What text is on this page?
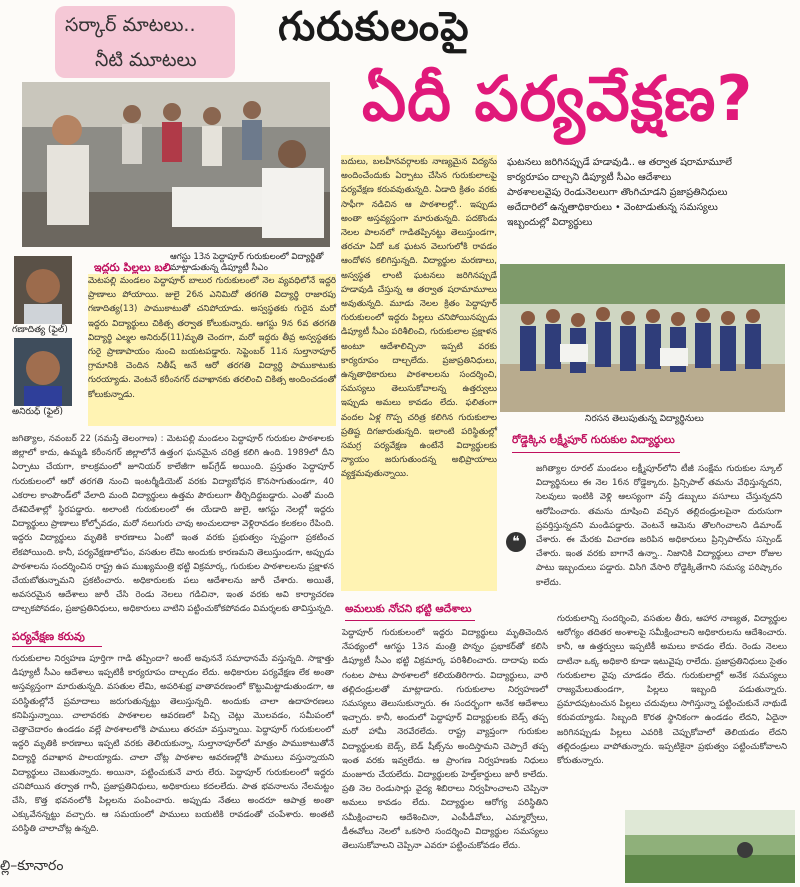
సర్కార్ మాటలు..
నీటి మూటలు
గురుకులంపై
ఏదీ పర్యవేక్షణ?
ఆగస్టు 13న పెద్దాపూర్ గురుకులంలో విద్యార్థితో మాట్లాడుతున్న డిప్యూటీ సీఎం
గణాదిత్య (ఫైల్)
అనిరుధ్ (ఫైల్)
ఇద్దరు పిల్లలు బలి
మెటపల్లి మండలం పెద్దాపూర్ బాలుర గురుకులంలో నెల వ్యవధిలోనే ఇద్దరి ప్రాణాలు పోయాయి. జులై 26న ఎనిమిదో తరగతి విద్యార్థి రాజారపు గణాదిత్య(13) పాముకాటుతో చనిపోయాడు. అస్వస్థతకు గురైన మరో ఇద్దరు విద్యార్థులు చికిత్స తర్వాత కోలుకున్నారు. ఆగస్టు 9న 6వ తరగతి విద్యార్థి ఎల్మల అనిరుధ్(11)మృతి చెందగా, మరో ఇద్దరు తీవ్ర అస్వస్థతకు గురై ప్రాణాపాయం నుంచి బయటపడ్డారు. సెప్టెంబర్ 11న సుల్తానాపూర్ గ్రామానికి చెందిన నితీష్ అనే ఆరో తరగతి విద్యార్థి పాముకాటుకు గురయ్యాడు. వెంటనే కరీంనగర్ దవాఖానకు తరలించి చికిత్స అందించడంతో కోలుకున్నాడు.
బదులు, బలహీనవర్గాలకు నాణ్యమైన విద్యను అందించేందుకు ఏర్పాటు చేసిన గురుకులాలపై పర్యవేక్షణ కరువవుతున్నది. ఏడాది క్రితం వరకు సాఫీగా నడిచిన ఆ పాఠశాలల్లో.. ఇప్పుడు అంతా అస్తవ్యస్తంగా మారుతున్నది. పదకొండు నెలల పాలనలో గాడితప్పినట్టు తెలుస్తుండగా, తరచూ ఏదో ఒక ఘటన వెలుగులోకి రావడం ఆందోళన కలిగిస్తున్నది. విద్యార్థుల మరణాలు, అస్వస్థత లాంటి ఘటనలు జరిగినప్పుడే హడావుడి చేస్తున్న ఆ తర్వాత షరామామూలు అవుతున్నది. మూడు నెలల క్రితం పెద్దాపూర్ గురుకులంలో ఇద్దరు పిల్లలు చనిపోయినప్పుడు డిప్యూటీ సీఎం పరిశీలించి, గురుకులాల ప్రక్షాళన అంటూ ఆదేశాలిచ్చినా ఇప్పటి వరకు కార్యరూపం దాల్చలేదు. ప్రజాప్రతినిధులు, ఉన్నతాధికారులు పాఠశాలలను సందర్శించి, సమస్యలు తెలుసుకోవాలన్న ఉత్తర్వులు ఇప్పుడు అమలు కావడం లేదు. ఫలితంగా వందల ఏళ్ల గొప్ప చరిత్ర కలిగిన గురుకులాల ప్రతిష్ట దిగజారుతున్నది. ఇలాంటి పరిస్థితుల్లో సమగ్ర పర్యవేక్షణ ఉంటేనే విద్యార్థులకు న్యాయం జరుగుతుందన్న అభిప్రాయాలు వ్యక్తమవుతున్నాయి.
ఘటనలు జరిగినప్పుడే హడావుడి.. ఆ తర్వాత షరామామూలే
కార్యరూపం దాల్చని డిప్యూటీ సీఎం ఆదేశాలు
పాఠశాలలవైపు రెండునెలలుగా తొంగిచూడని ప్రజాప్రతినిధులు
అదేదారిలో ఉన్నతాధికారులు • వెంటాడుతున్న సమస్యలు
ఇబ్బందుల్లో విద్యార్థులు
నిరసన తెలుపుతున్న విద్యార్థినులు
రోడ్డెక్కిన లక్ష్మీపూర్ గురుకుల విద్యార్థులు
❝
జగిత్యాల రూరల్ మండలం లక్ష్మీపూర్‌లోని టీజీ సంక్షేమ గురుకుల స్కూల్ విద్యార్థినులు ఈ నెల 16న రోడ్డెక్కారు. ప్రిన్సిపాల్ తమను వేధిస్తున్నదని, సెలవులు ఇంటికి వెళ్లి ఆలస్యంగా వస్తే డబ్బులు వసూలు చేస్తున్నదని ఆరోపించారు. తమను దూషించి వచ్చిన తల్లిదండ్రులపైనా దురుసుగా ప్రవర్తిస్తున్నదని మండిపడ్డారు. వెంటనే ఆమెను తొలగించాలని డిమాండ్ చేశారు. ఈ మేరకు విచారణ జరిపిన అధికారులు ప్రిన్సిపాల్‌ను సస్పెండ్ చేశారు. ఇంత వరకు బాగానే ఉన్నా.. నిజానికి విద్యార్థులు చాలా రోజుల పాటు ఇబ్బందులు పడ్డారు. విసిగి వేసారి రోడ్డెక్కితేగాని సమస్య పరిష్కారం కాలేదు.
జగిత్యాల, నవంబర్ 22 (నమస్తే తెలంగాణ) : మెటపల్లి మండలం పెద్దాపూర్ గురుకుల పాఠశాలకు జిల్లాలో కాదు, ఉమ్మడి కరీంనగర్ జిల్లాలోనే ఉత్తంగ ఘనమైన చరిత్ర కలిగి ఉంది. 1989లో దీని ఏర్పాటు చేయగా, కాలక్రమంలో జూనియర్ కాలేజీగా అప్‌గ్రేడ్ అయింది. ప్రస్తుతం పెద్దాపూర్ గురుకులంలో ఆరో తరగతి నుంచి ఇంటర్మీడియెట్ వరకు విద్యాబోధన కొనసాగుతుండగా, 40 ఎకరాల కాంపౌండ్‌లో వేలాది మంది విద్యార్థులు ఉత్తమ పౌరులుగా తీర్చిదిద్దబడ్డారు. ఎంతో మంది దేశవిదేశాల్లో స్థిరపడ్డారు. అలాంటి గురుకులంలో ఈ యేడాది జులై, ఆగస్టు నెలల్లో ఇద్దరు విద్యార్థులు ప్రాణాలు కోల్పోవడం, మరో నలుగురు చావు అంచులదాకా వెళ్లిరావడం కలకలం రేపింది. ఇద్దరు విద్యార్థులు మృతికి కారణాలు ఏంటో ఇంత వరకు ప్రభుత్వం స్పష్టంగా ప్రకటించ లేకపోయింది. కానీ, పర్యవేక్షణాలోపం, వసతుల లేమి అందుకు కారణమని తెలుస్తుండగా, అప్పుడు పాఠశాలను సందర్శించిన రాష్ట్ర ఉప ముఖ్యమంత్రి భట్టి విక్రమార్క, గురుకుల పాఠశాలలను ప్రక్షాళన చేయబోతున్నామని ప్రకటించారు. అధికారులకు పలు ఆదేశాలను జారీ చేశారు. అయితే, అవసరమైన ఆదేశాలు జారీ చేసి రెండు నెలలు గడిచినా, ఇంత వరకు అవి కార్యాచరణ దాల్చకపోవడం, ప్రజాప్రతినిధులు, అధికారులు వాటిని పట్టించుకోకపోవడం విమర్శలకు తావిస్తున్నది.
పర్యవేక్షణ కరువు
గురుకులాల నిర్వహణ పూర్తిగా గాడి తప్పిందా? అంటే అవుననే సమాధానమే వస్తున్నది. సాక్షాత్తు డిప్యూటీ సీఎం ఆదేశాలు ఇప్పటికీ కార్యరూపం దాల్చడం లేదు. అధికారుల పర్యవేక్షణ లేక అంతా అస్తవ్యస్తంగా మారుతున్నది. వసతుల లేమి, అపరిశుభ్ర వాతావరణంలో కొట్టుమిట్టాడుతుండగా, ఆ పరిస్థితుల్లోనే ప్రమాదాలు జరుగుతున్నట్టు తెలుస్తున్నది. అందుకు చాలా ఉదాహరణలు కనిపిస్తున్నాయి. చాలావరకు పాఠశాలల ఆవరణలో పిచ్చి చెట్లు మొలవడం, సమీపంలో చెత్తాచెదారం ఉండడం వల్లే పాఠశాలలోకి పాములు తరచూ వస్తున్నాయి. పెద్దాపూర్ గురుకులంలో ఇద్దరి మృతికి కారణాలు ఇప్పటి వరకు తెలియకున్నా, సుల్తానాపూర్‌లో మాత్రం పాముకాటుతోనే విద్యార్థి దవాఖాన పాలయ్యాడు. చాలా చోట్ల పాఠశాల ఆవరణల్లోకి పాములు వస్తున్నాయని విద్యార్థులు చెబుతున్నారు. అయినా, పట్టించుకునే వారు లేరు. పెద్దాపూర్ గురుకులంలో ఇద్దరు చనిపోయిన తర్వాత గానీ, ప్రజాప్రతినిధులు, అధికారులు కదలలేదు. పాత భవనాలను నేలమట్టం చేసి, కొత్త భవనంలోకి పిల్లలను పంపించారు. అప్పుడు నేతలు అందరూ ఆపాత్ర అంతా ఎక్కువేనన్నట్టు వచ్చారు. ఆ సమయంలో పాములు బయటికి రావడంతో చంపేశారు. అంతటి పరిస్థితి చాలాచోట్ల ఉన్నది.
అమలుకు నోచని భట్టి ఆదేశాలు
పెద్దాపూర్ గురుకులంలో ఇద్దరు విద్యార్థులు మృతిచెందిన నేపథ్యంలో ఆగస్టు 13న మంత్రి పొన్నం ప్రభాకర్‌తో కలిసి డిప్యూటీ సీఎం భట్టి విక్రమార్క పరిశీలించారు. దాదాపు ఐదు గంటల పాటు పాఠశాలలో కలియతిరిగారు. విద్యార్థులు, వారి తల్లిదండ్రులతో మాట్లాడారు. గురుకులాల నిర్వహణలో సమస్యలు తెలుసుకున్నారు. ఈ సందర్భంగా అనేక ఆదేశాలు ఇచ్చారు. కానీ, అందులో పెద్దాపూర్ విద్యార్థులకు బెడ్స్ తప్ప మరో హామీ నెరవేరలేదు. రాష్ట్ర వ్యాప్తంగా గురుకుల విద్యార్థులకు బెడ్స్, బెడ్ షీట్స్‌ను అందిస్తామని చెప్పారే తప్ప ఇంత వరకు ఇవ్వలేదు. ఆ ప్రాంగణ నిర్వహణకు నిధులు మంజూరు చేయలేదు. విద్యార్థులకు హెల్త్‌కార్డులు జారీ కాలేదు. ప్రతి నెల రెండుసార్లు వైద్య శిబిరాలు నిర్వహించాలని చెప్పినా అమలు కావడం లేదు. విద్యార్థుల ఆరోగ్య పరిస్థితిని సమీక్షించాలని ఆదేశించినా, ఎంపీడీవోలు, ఎమ్మార్వోలు, డీఈవోలు నెలలో ఒకసారి సందర్శించి విద్యార్థుల సమస్యలు తెలుసుకోవాలని చెప్పినా ఎవరూ పట్టించుకోవడం లేదు.
గురుకులాన్ని సందర్శించి, వసతుల తీరు, ఆహార నాణ్యత, విద్యార్థుల ఆరోగ్యం తదితర అంశాలపై సమీక్షించాలని అధికారులను ఆదేశించారు. కానీ, ఆ ఉత్తర్వులు ఇప్పటికీ అమలు కావడం లేదు. రెండు నెలలు దాటినా ఒక్క అధికారి కూడా ఇటువైపు రాలేదు. ప్రజాప్రతినిధులు సైతం గురుకులాల వైపు చూడడం లేదు. గురుకులాల్లో అనేక సమస్యలు రాజ్యమేలుతుండగా, పిల్లలు ఇబ్బంది పడుతున్నారు. ప్రమాదపుటంచున పిల్లలు చదువులు సాగిస్తున్నా పట్టించుకునే నాథుడే కరువయ్యాడు. సిబ్బంది కొరత స్థానికంగా ఉండడం లేదని, ఏదైనా జరిగినప్పుడు పిల్లలు ఎవరికి చెప్పుకోవాలో తెలియడం లేదని తల్లిదండ్రులు వాపోతున్నారు. ఇప్పటికైనా ప్రభుత్వం పట్టించుకోవాలని కోరుతున్నారు.
ల్లి–కూనారం
